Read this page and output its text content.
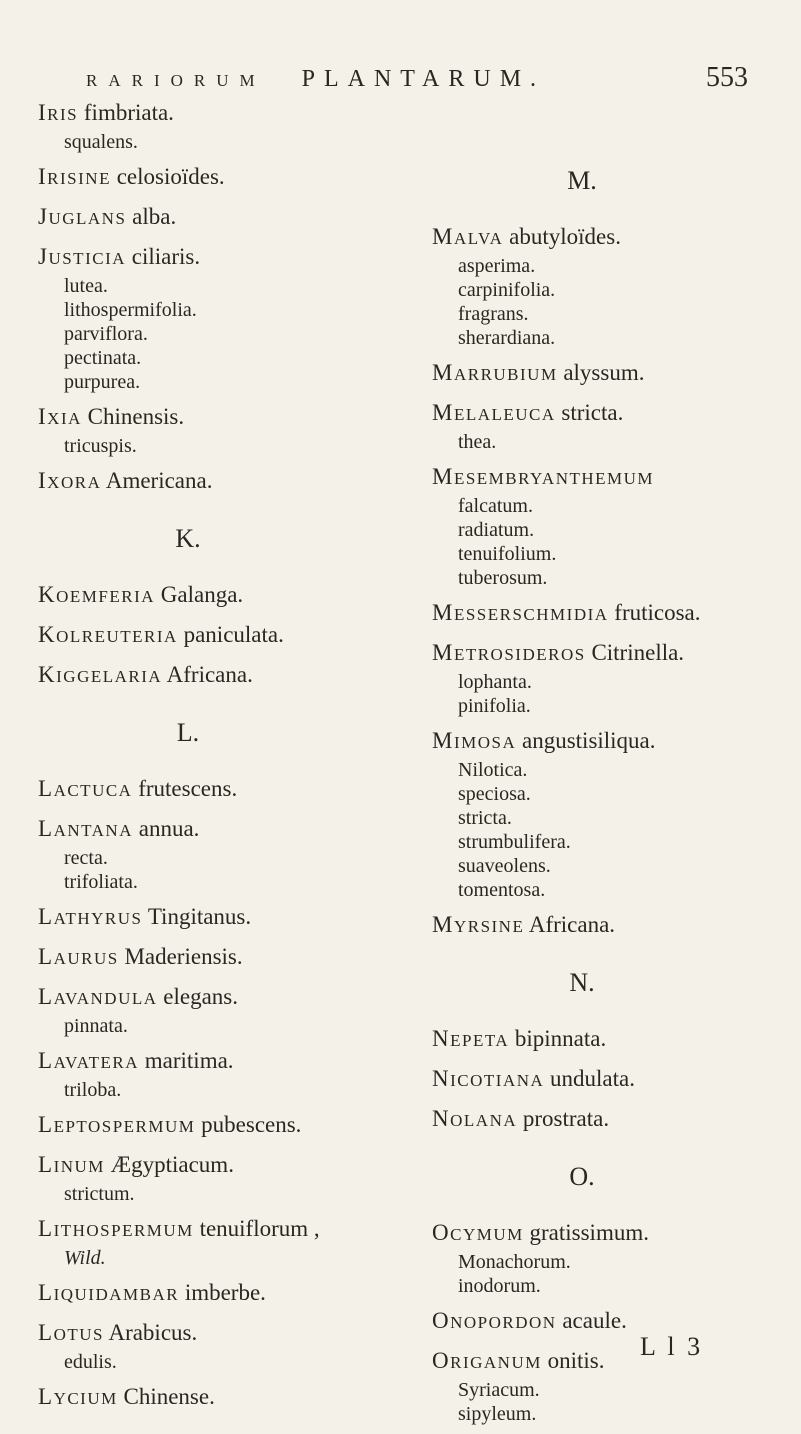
RARIORUM PLANTARUM.	553
IRIS fimbriata.
squalens.
IRISINE celosioïdes.
JUGLANS alba.
JUSTICIA ciliaris.
lutea.
lithospermifolia.
parviflora.
pectinata.
purpurea.
IXIA Chinensis.
tricuspis.
IXORA Americana.
K.
KOEMFERIA Galanga.
KOLREUTERIA paniculata.
KIGGELARIA Africana.
L.
LACTUCA frutescens.
LANTANA annua.
recta.
trifoliata.
LATHYRUS Tingitanus.
LAURUS Maderiensis.
LAVANDULA elegans.
pinnata.
LAVATERA maritima.
triloba.
LEPTOSPERMUM pubescens.
LINUM Ægyptiacum.
strictum.
LITHOSPERMUM tenuiflorum ,
Wild.
LIQUIDAMBAR imberbe.
LOTUS Arabicus.
edulis.
LYCIUM Chinense.
M.
MALVA abutyloïdes.
asperima.
carpinifolia.
fragrans.
sherardiana.
MARRUBIUM alyssum.
MELALEUCA stricta.
thea.
MESEMBRYANTHEMUM
falcatum.
radiatum.
tenuifolium.
tuberosum.
MESSERSCHMIDIA fruticosa.
METROSIDEROS Citrinella.
lophanta.
pinifolia.
MIMOSA angustisiliqua.
Nilotica.
speciosa.
stricta.
strumbulifera.
suaveolens.
tomentosa.
MYRSINE Africana.
N.
NEPETA bipinnata.
NICOTIANA undulata.
NOLANA prostrata.
O.
OCYMUM gratissimum.
Monachorum.
inodorum.
ONOPORDON acaule.
ORIGANUM onitis.
Syriacum.
sipyleum.
L l 3
